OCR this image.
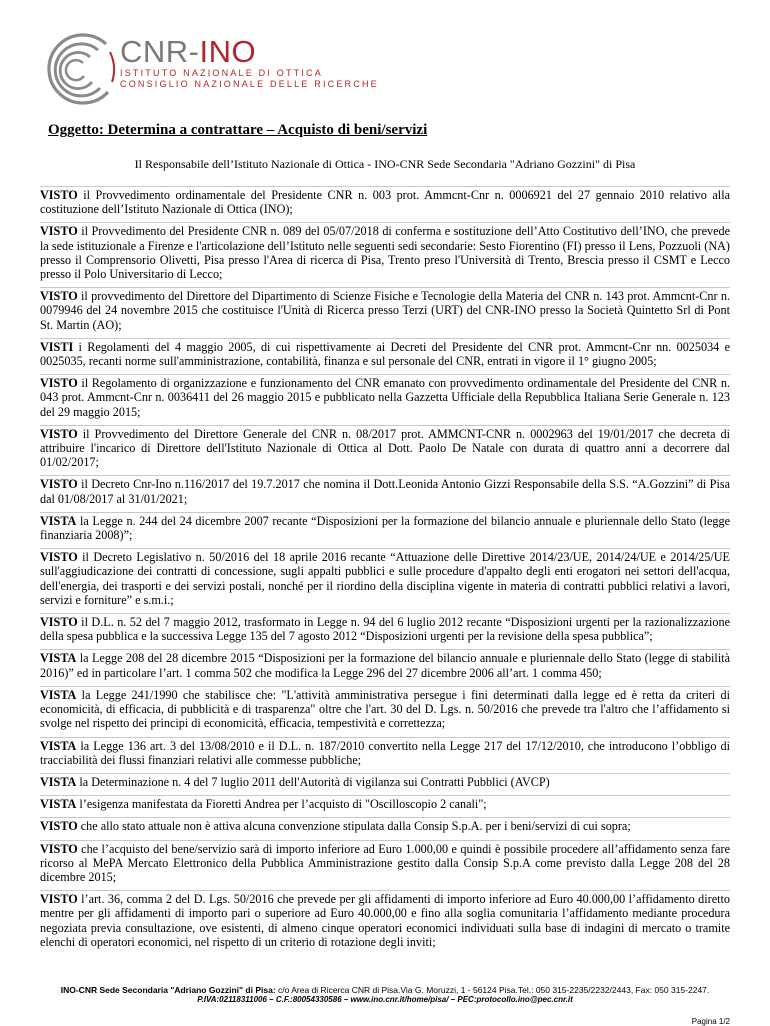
CNR-INO
ISTITUTO NAZIONALE DI OTTICA
CONSIGLIO NAZIONALE DELLE RICERCHE
Oggetto: Determina a contrattare – Acquisto di beni/servizi
Il Responsabile dell’Istituto Nazionale di Ottica - INO-CNR Sede Secondaria "Adriano Gozzini" di Pisa
VISTO il Provvedimento ordinamentale del Presidente CNR n. 003 prot. Ammcnt-Cnr n. 0006921 del 27 gennaio 2010 relativo alla costituzione dell’Istituto Nazionale di Ottica (INO);
VISTO il Provvedimento del Presidente CNR n. 089 del 05/07/2018 di conferma e sostituzione dell’Atto Costitutivo dell’INO, che prevede la sede istituzionale a Firenze e l'articolazione dell’Istituto nelle seguenti sedi secondarie: Sesto Fiorentino (FI) presso il Lens, Pozzuoli (NA) presso il Comprensorio Olivetti, Pisa presso l'Area di ricerca di Pisa, Trento preso l'Università di Trento, Brescia presso il CSMT e Lecco presso il Polo Universitario di Lecco;
VISTO il provvedimento del Direttore del Dipartimento di Scienze Fisiche e Tecnologie della Materia del CNR n. 143 prot. Ammcnt-Cnr n. 0079946 del 24 novembre 2015 che costituisce l'Unità di Ricerca presso Terzi (URT) del CNR-INO presso la Società Quintetto Srl di Pont St. Martin (AO);
VISTI i Regolamenti del 4 maggio 2005, di cui rispettivamente ai Decreti del Presidente del CNR prot. Ammcnt-Cnr nn. 0025034 e 0025035, recanti norme sull'amministrazione, contabilità, finanza e sul personale del CNR, entrati in vigore il 1° giugno 2005;
VISTO il Regolamento di organizzazione e funzionamento del CNR emanato con provvedimento ordinamentale del Presidente del CNR n. 043 prot. Ammcnt-Cnr n. 0036411 del 26 maggio 2015 e pubblicato nella Gazzetta Ufficiale della Repubblica Italiana Serie Generale n. 123 del 29 maggio 2015;
VISTO il Provvedimento del Direttore Generale del CNR n. 08/2017 prot. AMMCNT-CNR n. 0002963 del 19/01/2017 che decreta di attribuire l'incarico di Direttore dell'Istituto Nazionale di Ottica al Dott. Paolo De Natale con durata di quattro anni a decorrere dal 01/02/2017;
VISTO il Decreto Cnr-Ino n.116/2017 del 19.7.2017 che nomina il Dott.Leonida Antonio Gizzi Responsabile della S.S. “A.Gozzini” di Pisa dal 01/08/2017 al 31/01/2021;
VISTA la Legge n. 244 del 24 dicembre 2007 recante “Disposizioni per la formazione del bilancio annuale e pluriennale dello Stato (legge finanziaria 2008)”;
VISTO il Decreto Legislativo n. 50/2016 del 18 aprile 2016 recante “Attuazione delle Direttive 2014/23/UE, 2014/24/UE e 2014/25/UE sull'aggiudicazione dei contratti di concessione, sugli appalti pubblici e sulle procedure d'appalto degli enti erogatori nei settori dell'acqua, dell'energia, dei trasporti e dei servizi postali, nonché per il riordino della disciplina vigente in materia di contratti pubblici relativi a lavori, servizi e forniture” e s.m.i.;
VISTO il D.L. n. 52 del 7 maggio 2012, trasformato in Legge n. 94 del 6 luglio 2012 recante “Disposizioni urgenti per la razionalizzazione della spesa pubblica e la successiva Legge 135 del 7 agosto 2012 “Disposizioni urgenti per la revisione della spesa pubblica”;
VISTA la Legge 208 del 28 dicembre 2015 “Disposizioni per la formazione del bilancio annuale e pluriennale dello Stato (legge di stabilità 2016)” ed in particolare l’art. 1 comma 502 che modifica la Legge 296 del 27 dicembre 2006 all’art. 1 comma 450;
VISTA la Legge 241/1990 che stabilisce che: "L'attività amministrativa persegue i fini determinati dalla legge ed è retta da criteri di economicità, di efficacia, di pubblicità e di trasparenza" oltre che l'art. 30 del D. Lgs. n. 50/2016 che prevede tra l'altro che l’affidamento si svolge nel rispetto dei principi di economicità, efficacia, tempestività e correttezza;
VISTA la Legge 136 art. 3 del 13/08/2010 e il D.L. n. 187/2010 convertito nella Legge 217 del 17/12/2010, che introducono l’obbligo di tracciabilità dei flussi finanziari relativi alle commesse pubbliche;
VISTA la Determinazione n. 4 del 7 luglio 2011 dell'Autorità di vigilanza sui Contratti Pubblici (AVCP)
VISTA l’esigenza manifestata da Fioretti Andrea per l’acquisto di "Oscilloscopio 2 canali";
VISTO che allo stato attuale non è attiva alcuna convenzione stipulata dalla Consip S.p.A. per i beni/servizi di cui sopra;
VISTO che l’acquisto del bene/servizio sarà di importo inferiore ad Euro 1.000,00 e quindi è possibile procedere all’affidamento senza fare ricorso al MePA Mercato Elettronico della Pubblica Amministrazione gestito dalla Consip S.p.A come previsto dalla Legge 208 del 28 dicembre 2015;
VISTO l’art. 36, comma 2 del D. Lgs. 50/2016 che prevede per gli affidamenti di importo inferiore ad Euro 40.000,00 l’affidamento diretto mentre per gli affidamenti di importo pari o superiore ad Euro 40.000,00 e fino alla soglia comunitaria l’affidamento mediante procedura negoziata previa consultazione, ove esistenti, di almeno cinque operatori economici individuati sulla base di indagini di mercato o tramite elenchi di operatori economici, nel rispetto di un criterio di rotazione degli inviti;
INO-CNR Sede Secondaria "Adriano Gozzini" di Pisa: c/o Area di Ricerca CNR di Pisa.Via G. Moruzzi, 1 - 56124 Pisa.Tel.: 050 315-2235/2232/2443, Fax: 050 315-2247.
P.IVA:02118311006 – C.F.:80054330586 – www.ino.cnr.it/home/pisa/ – PEC:protocollo.ino@pec.cnr.it
Pagina 1/2
